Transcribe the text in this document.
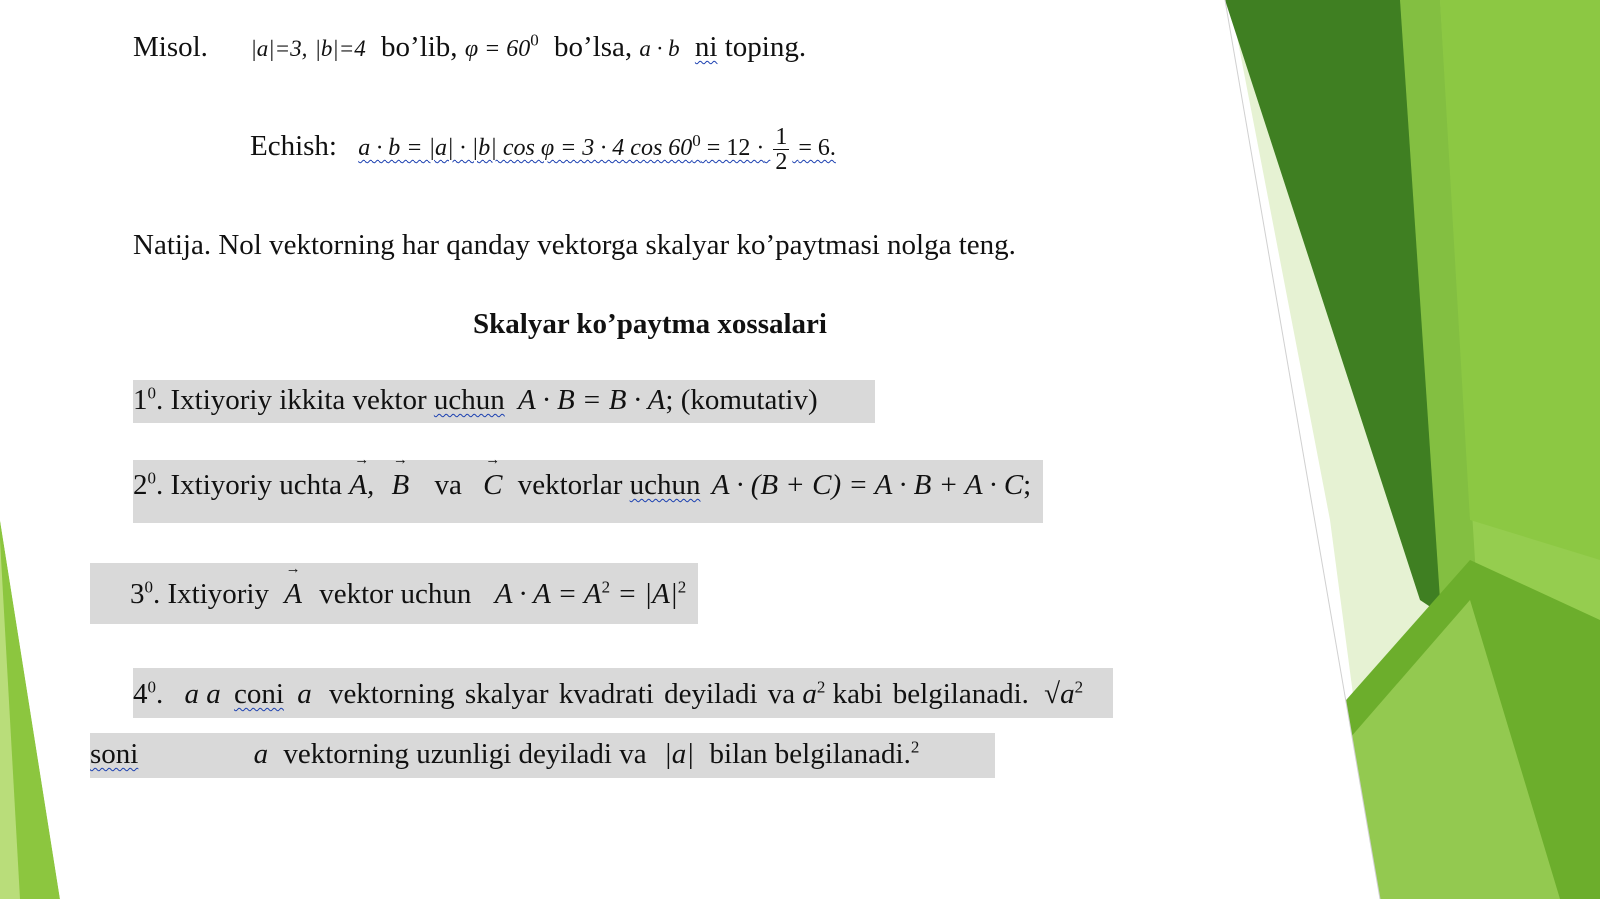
Misol. |a|=3, |b|=4 bo’lib, $\varphi = 60^0$ bo’lsa, a · b ni toping.
Echish: a · b = |a| · |b| cos φ = 3 · 4 $\cos 60^0 = 12 \cdot \frac{1}{2} = 6$.
Natija. Nol vektorning har qanday vektorga skalyar ko’paytmasi nolga teng.
Skalyar ko’paytma xossalari
$1^0$. Ixtiyoriy ikkita vektor uchun A · B = B · A; (komutativ)
$2^0$. Ixtiyoriy uchta → A, → B va → C vektorlar uchun A · (B + C) = A · B + A · C;
$3^0$. Ixtiyoriy → A vektor uchun $A \cdot A = A^2 = |A|^2$
$4^0$. a a coni a vektorning skalyar kvadrati deyiladi va $a^2$ kabi belgilanadi. $√a^2$
soni	a vektorning uzunligi deyiladi va |a| bilan belgilanadi.$^2$
